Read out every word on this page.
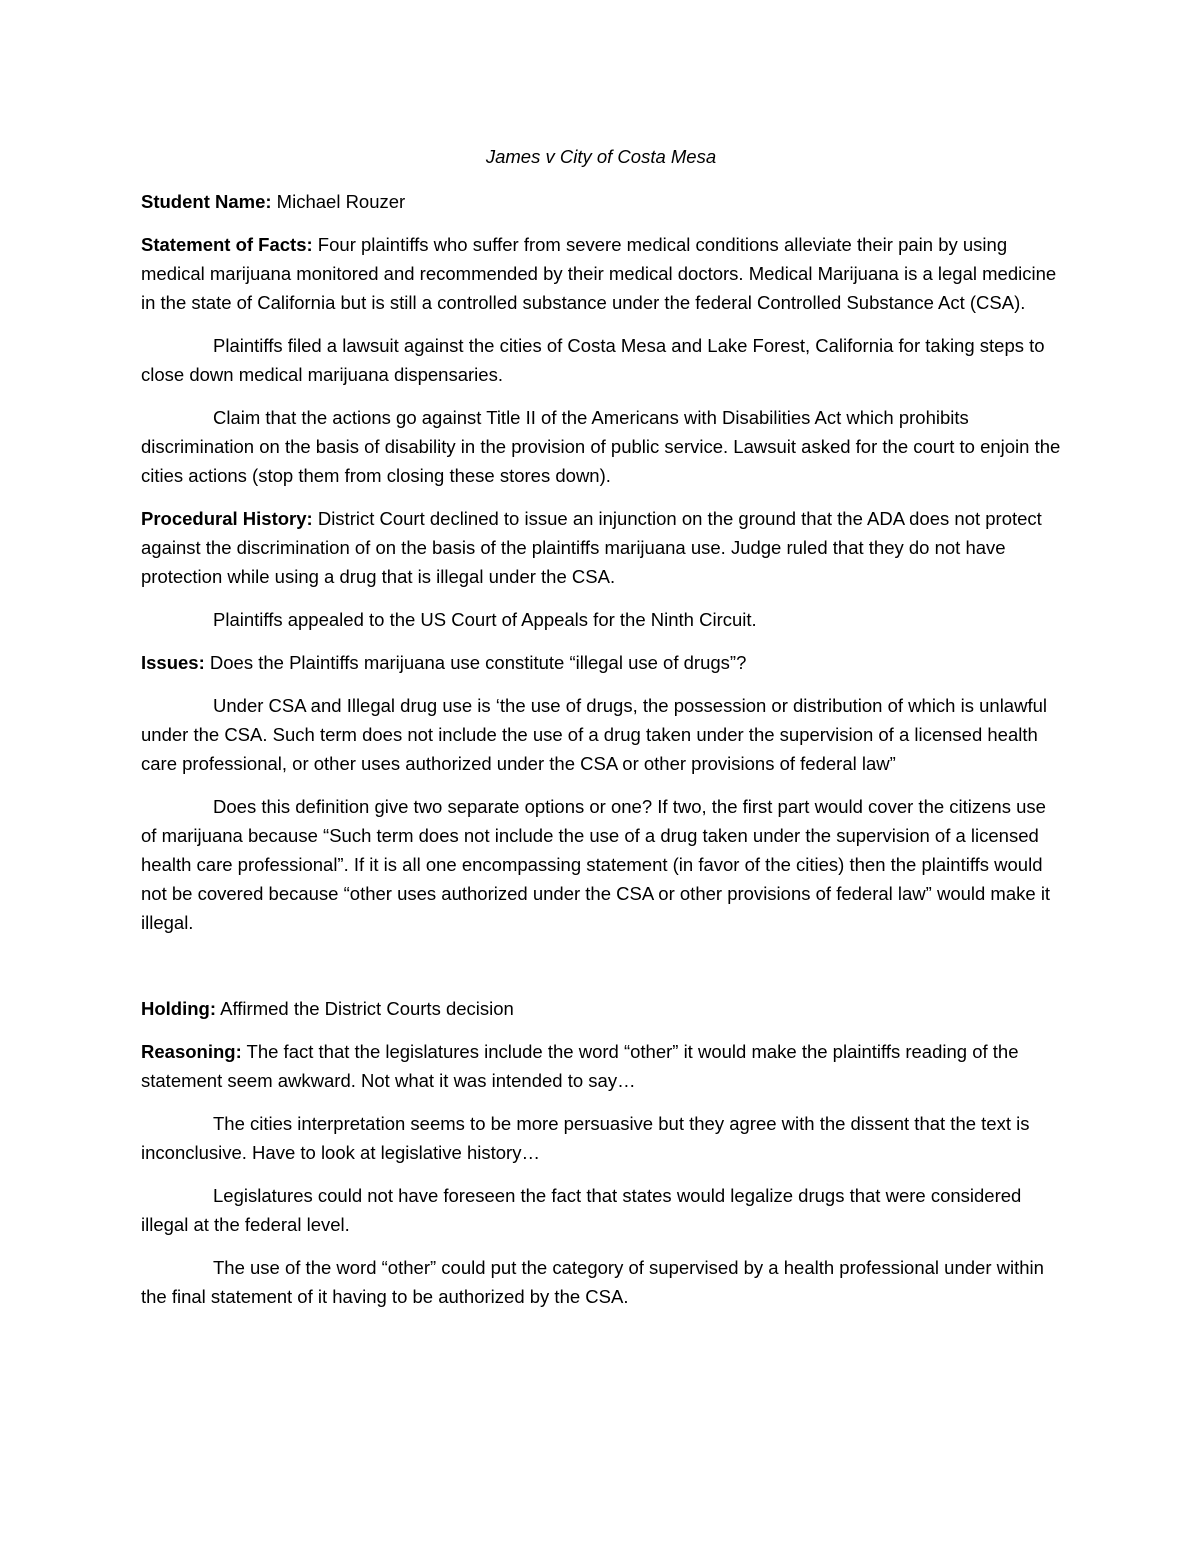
James v City of Costa Mesa

Student Name: Michael Rouzer

Statement of Facts: Four plaintiffs who suffer from severe medical conditions alleviate their pain by using medical marijuana monitored and recommended by their medical doctors. Medical Marijuana is a legal medicine in the state of California but is still a controlled substance under the federal Controlled Substance Act (CSA).

Plaintiffs filed a lawsuit against the cities of Costa Mesa and Lake Forest, California for taking steps to close down medical marijuana dispensaries.

Claim that the actions go against Title II of the Americans with Disabilities Act which prohibits discrimination on the basis of disability in the provision of public service. Lawsuit asked for the court to enjoin the cities actions (stop them from closing these stores down).

Procedural History: District Court declined to issue an injunction on the ground that the ADA does not protect against the discrimination of on the basis of the plaintiffs marijuana use. Judge ruled that they do not have protection while using a drug that is illegal under the CSA.

Plaintiffs appealed to the US Court of Appeals for the Ninth Circuit.

Issues: Does the Plaintiffs marijuana use constitute “illegal use of drugs”?

Under CSA and Illegal drug use is ‘the use of drugs, the possession or distribution of which is unlawful under the CSA. Such term does not include the use of a drug taken under the supervision of a licensed health care professional, or other uses authorized under the CSA or other provisions of federal law”

Does this definition give two separate options or one? If two, the first part would cover the citizens use of marijuana because “Such term does not include the use of a drug taken under the supervision of a licensed health care professional”. If it is all one encompassing statement (in favor of the cities) then the plaintiffs would not be covered because “other uses authorized under the CSA or other provisions of federal law” would make it illegal.

Holding: Affirmed the District Courts decision

Reasoning: The fact that the legislatures include the word “other” it would make the plaintiffs reading of the statement seem awkward. Not what it was intended to say…

The cities interpretation seems to be more persuasive but they agree with the dissent that the text is inconclusive. Have to look at legislative history…

Legislatures could not have foreseen the fact that states would legalize drugs that were considered illegal at the federal level.

The use of the word “other” could put the category of supervised by a health professional under within the final statement of it having to be authorized by the CSA.
